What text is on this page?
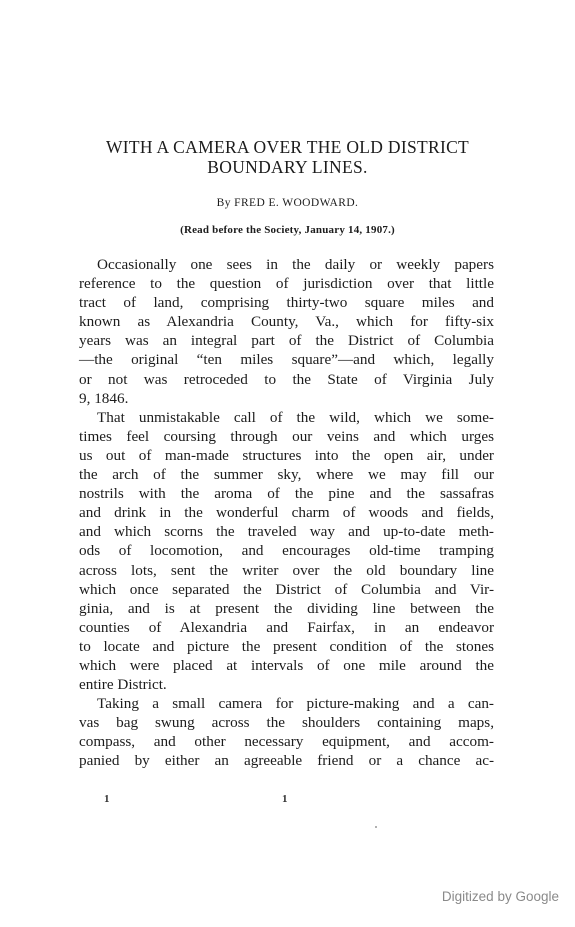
WITH A CAMERA OVER THE OLD DISTRICT
BOUNDARY LINES.
By FRED E. WOODWARD.
(Read before the Society, January 14, 1907.)
Occasionally one sees in the daily or weekly papers
reference to the question of jurisdiction over that little
tract of land, comprising thirty-two square miles and
known as Alexandria County, Va., which for fifty-six
years was an integral part of the District of Columbia
—the original “ten miles square”—and which, legally
or not was retroceded to the State of Virginia July
9, 1846.
That unmistakable call of the wild, which we some-
times feel coursing through our veins and which urges
us out of man-made structures into the open air, under
the arch of the summer sky, where we may fill our
nostrils with the aroma of the pine and the sassafras
and drink in the wonderful charm of woods and fields,
and which scorns the traveled way and up-to-date meth-
ods of locomotion, and encourages old-time tramping
across lots, sent the writer over the old boundary line
which once separated the District of Columbia and Vir-
ginia, and is at present the dividing line between the
counties of Alexandria and Fairfax, in an endeavor
to locate and picture the present condition of the stones
which were placed at intervals of one mile around the
entire District.
Taking a small camera for picture-making and a can-
vas bag swung across the shoulders containing maps,
compass, and other necessary equipment, and accom-
panied by either an agreeable friend or a chance ac-
1	1
Digitized by Google
